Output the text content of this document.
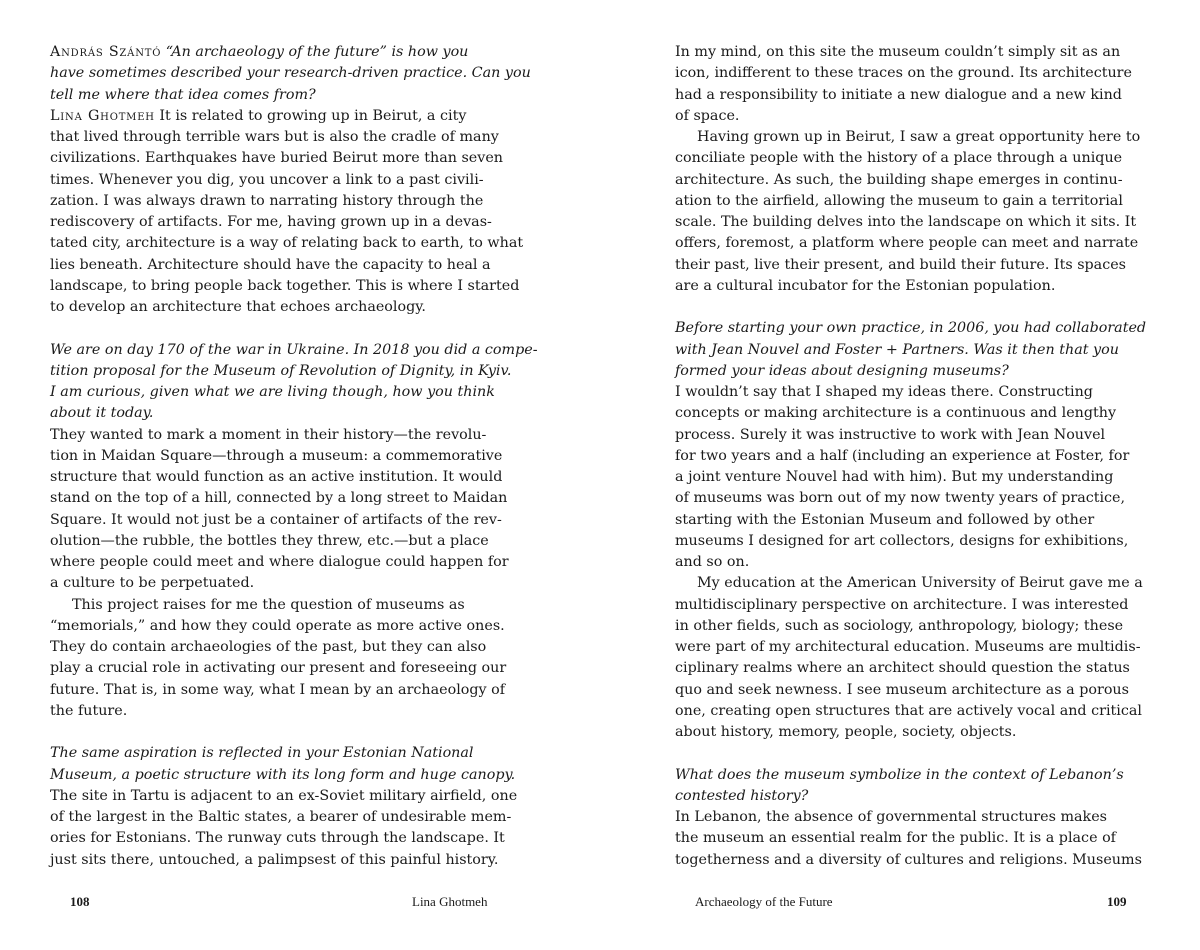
András Szántó “An archaeology of the future” is how you
have sometimes described your research-driven practice. Can you
tell me where that idea comes from?
Lina Ghotmeh It is related to growing up in Beirut, a city
that lived through terrible wars but is also the cradle of many
civilizations. Earthquakes have buried Beirut more than seven
times. Whenever you dig, you uncover a link to a past civili-
zation. I was always drawn to narrating history through the
rediscovery of artifacts. For me, having grown up in a devas-
tated city, architecture is a way of relating back to earth, to what
lies beneath. Architecture should have the capacity to heal a
landscape, to bring people back together. This is where I started
to develop an architecture that echoes archaeology.
We are on day 170 of the war in Ukraine. In 2018 you did a compe-
tition proposal for the Museum of Revolution of Dignity, in Kyiv.
I am curious, given what we are living though, how you think
about it today.
They wanted to mark a moment in their history—the revolu-
tion in Maidan Square—through a museum: a commemorative
structure that would function as an active institution. It would
stand on the top of a hill, connected by a long street to Maidan
Square. It would not just be a container of artifacts of the rev-
olution—the rubble, the bottles they threw, etc.—but a place
where people could meet and where dialogue could happen for
a culture to be perpetuated.
This project raises for me the question of museums as
“memorials,” and how they could operate as more active ones.
They do contain archaeologies of the past, but they can also
play a crucial role in activating our present and foreseeing our
future. That is, in some way, what I mean by an archaeology of
the future.
The same aspiration is reflected in your Estonian National
Museum, a poetic structure with its long form and huge canopy.
The site in Tartu is adjacent to an ex-Soviet military airfield, one
of the largest in the Baltic states, a bearer of undesirable mem-
ories for Estonians. The runway cuts through the landscape. It
just sits there, untouched, a palimpsest of this painful history.
108	Lina Ghotmeh
In my mind, on this site the museum couldn’t simply sit as an
icon, indifferent to these traces on the ground. Its architecture
had a responsibility to initiate a new dialogue and a new kind
of space.
Having grown up in Beirut, I saw a great opportunity here to
conciliate people with the history of a place through a unique
architecture. As such, the building shape emerges in continu-
ation to the airfield, allowing the museum to gain a territorial
scale. The building delves into the landscape on which it sits. It
offers, foremost, a platform where people can meet and narrate
their past, live their present, and build their future. Its spaces
are a cultural incubator for the Estonian population.
Before starting your own practice, in 2006, you had collaborated
with Jean Nouvel and Foster + Partners. Was it then that you
formed your ideas about designing museums?
I wouldn’t say that I shaped my ideas there. Constructing
concepts or making architecture is a continuous and lengthy
process. Surely it was instructive to work with Jean Nouvel
for two years and a half (including an experience at Foster, for
a joint venture Nouvel had with him). But my understanding
of museums was born out of my now twenty years of practice,
starting with the Estonian Museum and followed by other
museums I designed for art collectors, designs for exhibitions,
and so on.
My education at the American University of Beirut gave me a
multidisciplinary perspective on architecture. I was interested
in other fields, such as sociology, anthropology, biology; these
were part of my architectural education. Museums are multidis-
ciplinary realms where an architect should question the status
quo and seek newness. I see museum architecture as a porous
one, creating open structures that are actively vocal and critical
about history, memory, people, society, objects.
What does the museum symbolize in the context of Lebanon’s
contested history?
In Lebanon, the absence of governmental structures makes
the museum an essential realm for the public. It is a place of
togetherness and a diversity of cultures and religions. Museums
Archaeology of the Future	109
